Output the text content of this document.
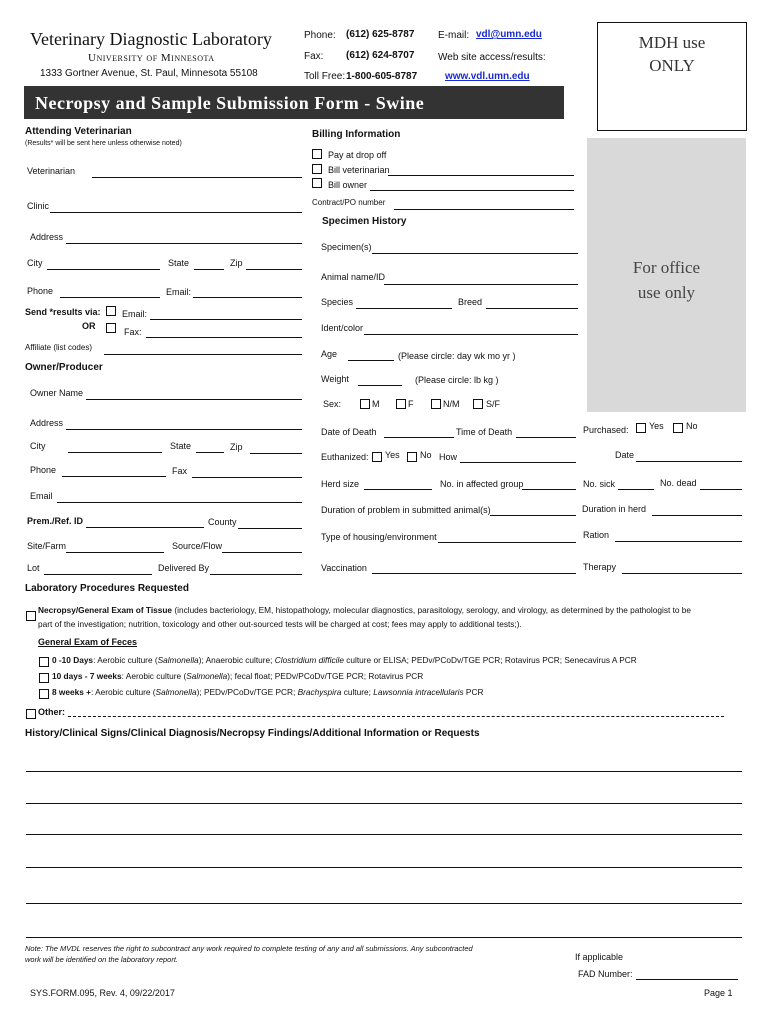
Veterinary Diagnostic Laboratory
University of Minnesota
1333 Gortner Avenue, St. Paul, Minnesota 55108
Phone: (612) 625-8787
Fax: (612) 624-8707
Toll Free: 1-800-605-8787
E-mail: vdl@umn.edu
Web site access/results:
www.vdl.umn.edu
Necropsy and Sample Submission Form - Swine
MDH use
ONLY
For office
use only
Attending Veterinarian
(Results* will be sent here unless otherwise noted)
Veterinarian
Clinic
Address
City	State	Zip
Phone	Email:
Send *results via: Email:
OR
Fax:
Affiliate (list codes)
Owner/Producer
Owner Name
Address
City	State	Zip
Phone	Fax
Email
Prem./Ref. ID	County
Site/Farm	Source/Flow
Lot	Delivered By
Billing Information
Pay at drop off
Bill veterinarian
Bill owner
Contract/PO number
Specimen History
Specimen(s)
Animal name/ID
Species	Breed
Ident/color
Age	(Please circle: day wk mo yr )
Weight	(Please circle: lb kg )
Sex:	M	F	N/M	S/F
Date of Death	Time of Death	Purchased: Yes No
Euthanized: Yes No How	Date
Herd size	No. in affected group	No. sick	No. dead
Duration of problem in submitted animal(s)	Duration in herd
Type of housing/environment	Ration
Vaccination	Therapy
Laboratory Procedures Requested
Necropsy/General Exam of Tissue (includes bacteriology, EM, histopathology, molecular diagnostics, parasitology, serology, and virology, as determined by the pathologist to be
part of the investigation; nutrition, toxicology and other out-sourced tests will be charged at cost; fees may apply to additional tests;).
General Exam of Feces
0 -10 Days: Aerobic culture (Salmonella); Anaerobic culture; Clostridium difficile culture or ELISA; PEDv/PCoDv/TGE PCR; Rotavirus PCR; Senecavirus A PCR
10 days - 7 weeks: Aerobic culture (Salmonella); fecal float; PEDv/PCoDv/TGE PCR; Rotavirus PCR
8 weeks +: Aerobic culture (Salmonella); PEDv/PCoDv/TGE PCR; Brachyspira culture; Lawsonnia intracellularis PCR
Other:
History/Clinical Signs/Clinical Diagnosis/Necropsy Findings/Additional Information or Requests
Note: The MVDL reserves the right to subcontract any work required to complete testing of any and all submissions. Any subcontracted
work will be identified on the laboratory report.	If applicable
FAD Number:
SYS.FORM.095, Rev. 4, 09/22/2017	Page 1
